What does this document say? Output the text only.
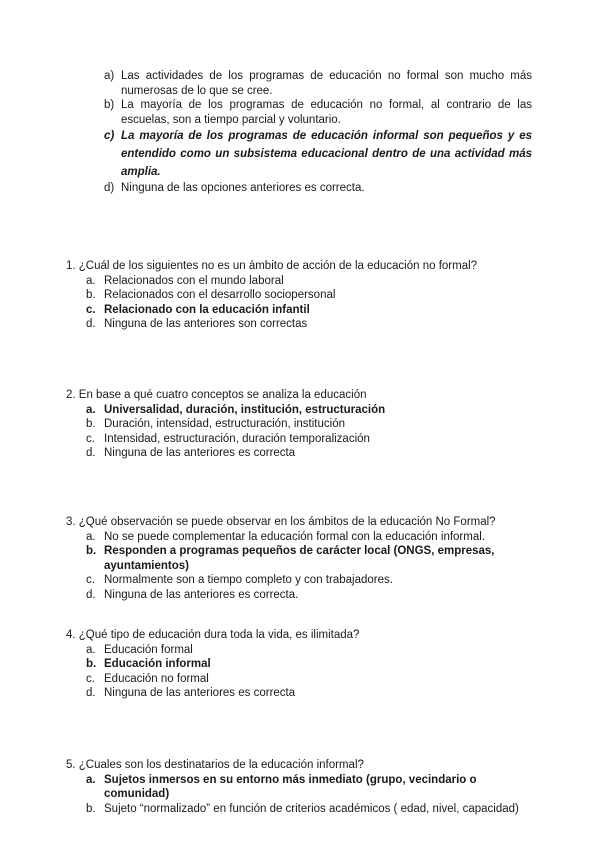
a) Las actividades de los programas de educación no formal son mucho más numerosas de lo que se cree.

b) La mayoría de los programas de educación no formal, al contrario de las escuelas, son a tiempo parcial y voluntario.

c) La mayoría de los programas de educación informal son pequeños y es entendido como un subsistema educacional dentro de una actividad más amplia.

d) Ninguna de las opciones anteriores es correcta.

1. ¿Cuál de los siguientes no es un ámbito de acción de la educación no formal?

a. Relacionados con el mundo laboral

b. Relacionados con el desarrollo sociopersonal

c. Relacionado con la educación infantil

d. Ninguna de las anteriores son correctas

2. En base a qué cuatro conceptos se analiza la educación

a. Universalidad, duración, institución, estructuración

b. Duración, intensidad, estructuración, institución

c. Intensidad, estructuración, duración temporalización

d. Ninguna de las anteriores es correcta

3. ¿Qué observación se puede observar en los ámbitos de la educación No Formal?

a. No se puede complementar la educación formal con la educación informal.

b. Responden a programas pequeños de carácter local (ONGS, empresas, ayuntamientos)

c. Normalmente son a tiempo completo y con trabajadores.

d. Ninguna de las anteriores es correcta.

4. ¿Qué tipo de educación dura toda la vida, es ilimitada?

a. Educación formal

b. Educación informal

c. Educación no formal

d. Ninguna de las anteriores es correcta

5. ¿Cuales son los destinatarios de la educación informal?

a. Sujetos inmersos en su entorno más inmediato (grupo, vecindario o comunidad)

b. Sujeto “normalizado” en función de criterios académicos ( edad, nivel, capacidad)
